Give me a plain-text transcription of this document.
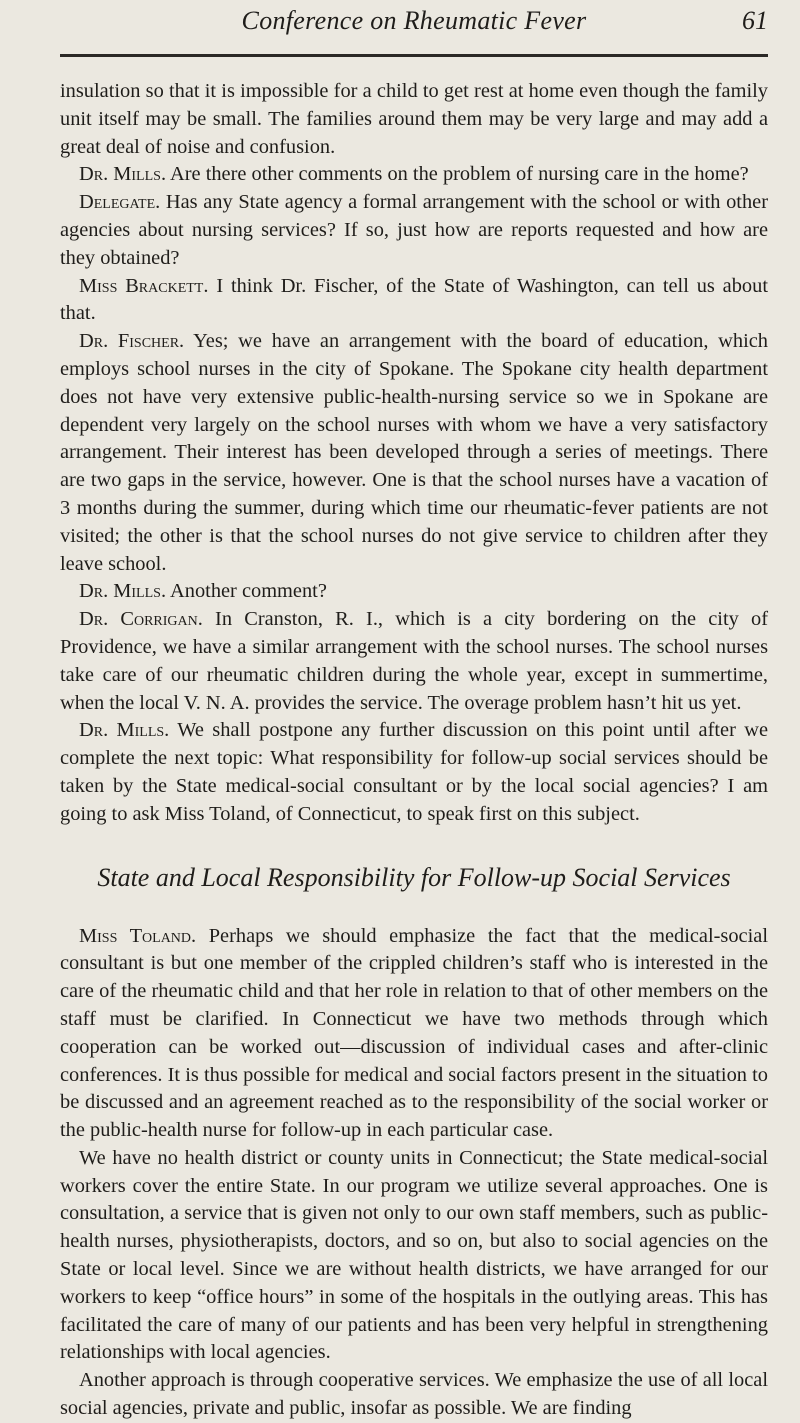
Conference on Rheumatic Fever	61

insulation so that it is impossible for a child to get rest at home even though the family unit itself may be small. The families around them may be very large and may add a great deal of noise and confusion.

Dr. Mills. Are there other comments on the problem of nursing care in the home?

Delegate. Has any State agency a formal arrangement with the school or with other agencies about nursing services? If so, just how are reports requested and how are they obtained?

Miss Brackett. I think Dr. Fischer, of the State of Washington, can tell us about that.

Dr. Fischer. Yes; we have an arrangement with the board of education, which employs school nurses in the city of Spokane. The Spokane city health department does not have very extensive public-health-nursing service so we in Spokane are dependent very largely on the school nurses with whom we have a very satisfactory arrangement. Their interest has been developed through a series of meetings. There are two gaps in the service, however. One is that the school nurses have a vacation of 3 months during the summer, during which time our rheumatic-fever patients are not visited; the other is that the school nurses do not give service to children after they leave school.

Dr. Mills. Another comment?

Dr. Corrigan. In Cranston, R. I., which is a city bordering on the city of Providence, we have a similar arrangement with the school nurses. The school nurses take care of our rheumatic children during the whole year, except in summertime, when the local V. N. A. provides the service. The overage problem hasn’t hit us yet.

Dr. Mills. We shall postpone any further discussion on this point until after we complete the next topic: What responsibility for follow-up social services should be taken by the State medical-social consultant or by the local social agencies? I am going to ask Miss Toland, of Connecticut, to speak first on this subject.

State and Local Responsibility for Follow-up Social Services

Miss Toland. Perhaps we should emphasize the fact that the medical-social consultant is but one member of the crippled children’s staff who is interested in the care of the rheumatic child and that her role in relation to that of other members on the staff must be clarified. In Connecticut we have two methods through which cooperation can be worked out—discussion of individual cases and after-clinic conferences. It is thus possible for medical and social factors present in the situation to be discussed and an agreement reached as to the responsibility of the social worker or the public-health nurse for follow-up in each particular case.

We have no health district or county units in Connecticut; the State medical-social workers cover the entire State. In our program we utilize several approaches. One is consultation, a service that is given not only to our own staff members, such as public-health nurses, physiotherapists, doctors, and so on, but also to social agencies on the State or local level. Since we are without health districts, we have arranged for our workers to keep “office hours” in some of the hospitals in the outlying areas. This has facilitated the care of many of our patients and has been very helpful in strengthening relationships with local agencies.

Another approach is through cooperative services. We emphasize the use of all local social agencies, private and public, insofar as possible. We are finding
